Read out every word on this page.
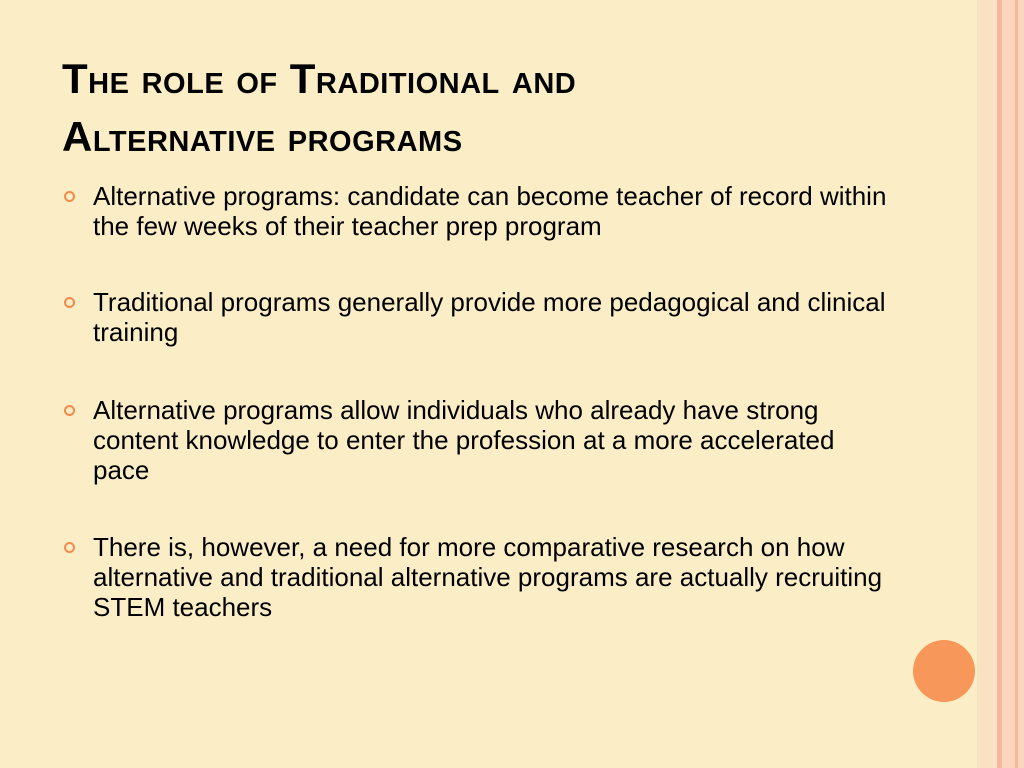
The role of Traditional and
Alternative programs
Alternative programs: candidate can become teacher of record within the few weeks of their teacher prep program
Traditional programs generally provide more pedagogical and clinical training
Alternative programs allow individuals who already have strong content knowledge to enter the profession at a more accelerated pace
There is, however, a need for more comparative research on how alternative and traditional alternative programs are actually recruiting STEM teachers
